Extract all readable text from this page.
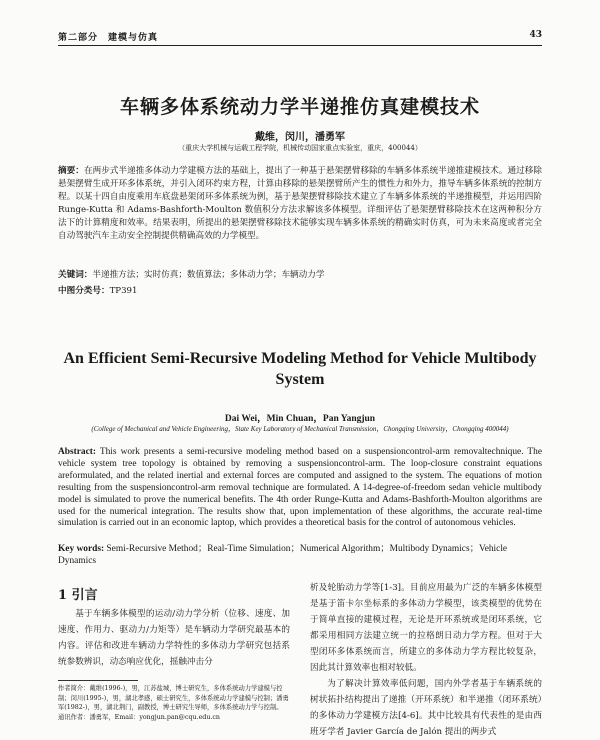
第二部分　建模与仿真	43
车辆多体系统动力学半递推仿真建模技术
戴维，闵川，潘勇军
（重庆大学机械与运载工程学院，机械传动国家重点实验室，重庆，400044）
摘要：在两步式半递推多体动力学建模方法的基础上，提出了一种基于悬架摆臂移除的车辆多体系统半递推建模技术。通过移除悬架摆臂生成开环多体系统，并引入闭环约束方程，计算由移除的悬架摆臂所产生的惯性力和外力，推导车辆多体系统的控制方程。以某十四自由度乘用车底盘悬架闭环多体系统为例，基于悬架摆臂移除技术建立了车辆多体系统的半递推模型，并运用四阶 Runge-Kutta 和 Adams-Bashforth-Moulton 数值积分方法求解该多体模型。详细评估了悬架摆臂移除技术在这两种积分方法下的计算精度和效率。结果表明，所提出的悬架摆臂移除技术能够实现车辆多体系统的精确实时仿真，可为未来高度或者完全自动驾驶汽车主动安全控制提供精确高效的力学模型。
关键词：半递推方法；实时仿真；数值算法；多体动力学；车辆动力学
中图分类号：TP391
An Efficient Semi-Recursive Modeling Method for Vehicle Multibody System
Dai Wei，Min Chuan，Pan Yangjun
(College of Mechanical and Vehicle Engineering，State Key Laboratory of Mechanical Transmission，Chongqing University，Chongqing 400044)
Abstract: This work presents a semi-recursive modeling method based on a suspensioncontrol-arm removaltechnique. The vehicle system tree topology is obtained by removing a suspensioncontrol-arm. The loop-closure constraint equations areformulated, and the related inertial and external forces are computed and assigned to the system. The equations of motion resulting from the suspensioncontrol-arm removal technique are formulated. A 14-degree-of-freedom sedan vehicle multibody model is simulated to prove the numerical benefits. The 4th order Runge-Kutta and Adams-Bashforth-Moulton algorithms are used for the numerical integration. The results show that, upon implementation of these algorithms, the accurate real-time simulation is carried out in an economic laptop, which provides a theoretical basis for the control of autonomous vehicles.
Key words: Semi-Recursive Method；Real-Time Simulation；Numerical Algorithm；Multibody Dynamics；Vehicle Dynamics
1 引言
基于车辆多体模型的运动/动力学分析（位移、速度、加速度、作用力、驱动力/力矩等）是车辆动力学研究最基本的内容。评估和改进车辆动力学特性的多体动力学研究包括系统参数辨识，动态响应优化，摇触冲击分
析及轮胎动力学等[1-3]。目前应用最为广泛的车辆多体模型是基于笛卡尔坐标系的多体动力学模型，该类模型的优势在于简单直接的建模过程，无论是开环系统或是闭环系统，它都采用相同方法建立统一的拉格朗日动力学方程。但对于大型闭环多体系统而言，所建立的多体动力学方程比较复杂，因此其计算效率也相对较低。
为了解决计算效率低问题，国内外学者基于车辆系统的树状拓扑结构提出了递推（开环系统）和半递推（闭环系统）的多体动力学建模方法[4-6]。其中比较具有代表性的是由西班牙学者 Javier García de Jalón 提出的两步式
作者简介：戴维(1996-)，男，江苏盐城，博士研究生，多体系统动力学建模与控制；闵川(1995-)，男，湖北孝感，硕士研究生，多体系统动力学建模与控制；潘勇军(1982-)，男，湖北荆门，副教授，博士研究生导师，多体系统动力学与控制。
通讯作者：潘勇军，Email：yongjun.pan@cqu.edu.cn
